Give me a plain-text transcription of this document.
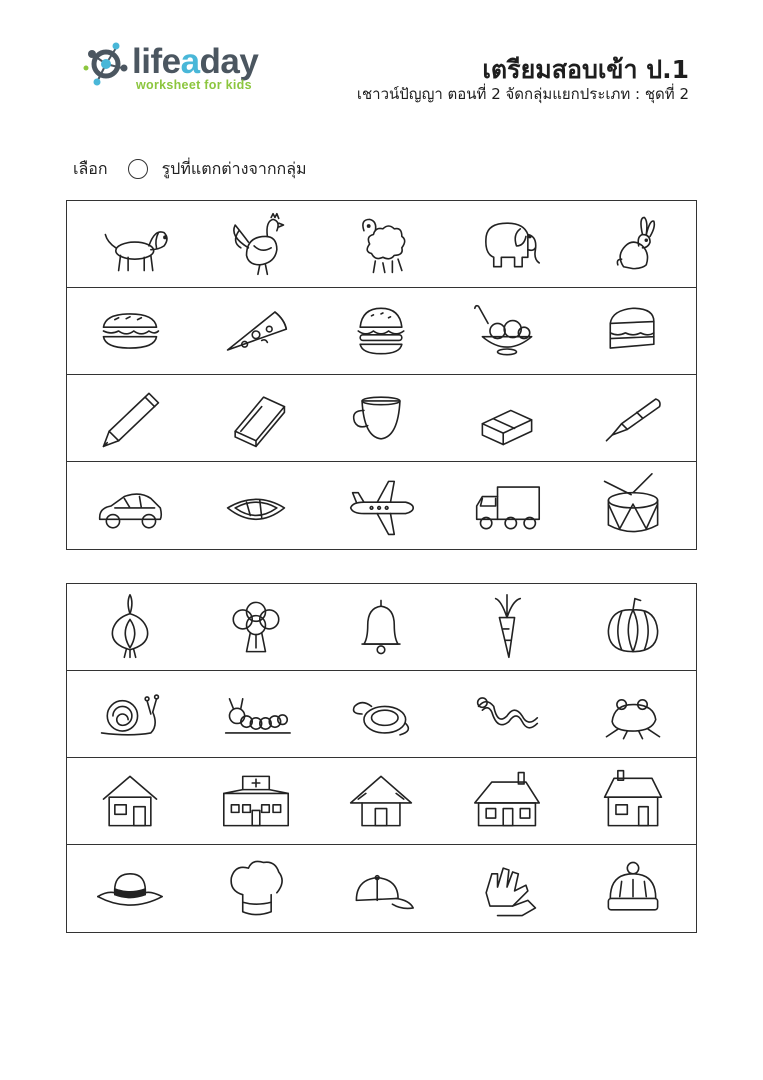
lifeaday
worksheet for kids
เตรียมสอบเข้า ป.1
เชาวน์ปัญญา ตอนที่ 2 จัดกลุ่มแยกประเภท : ชุดที่ 2
เลือก	รูปที่แตกต่างจากกลุ่ม
